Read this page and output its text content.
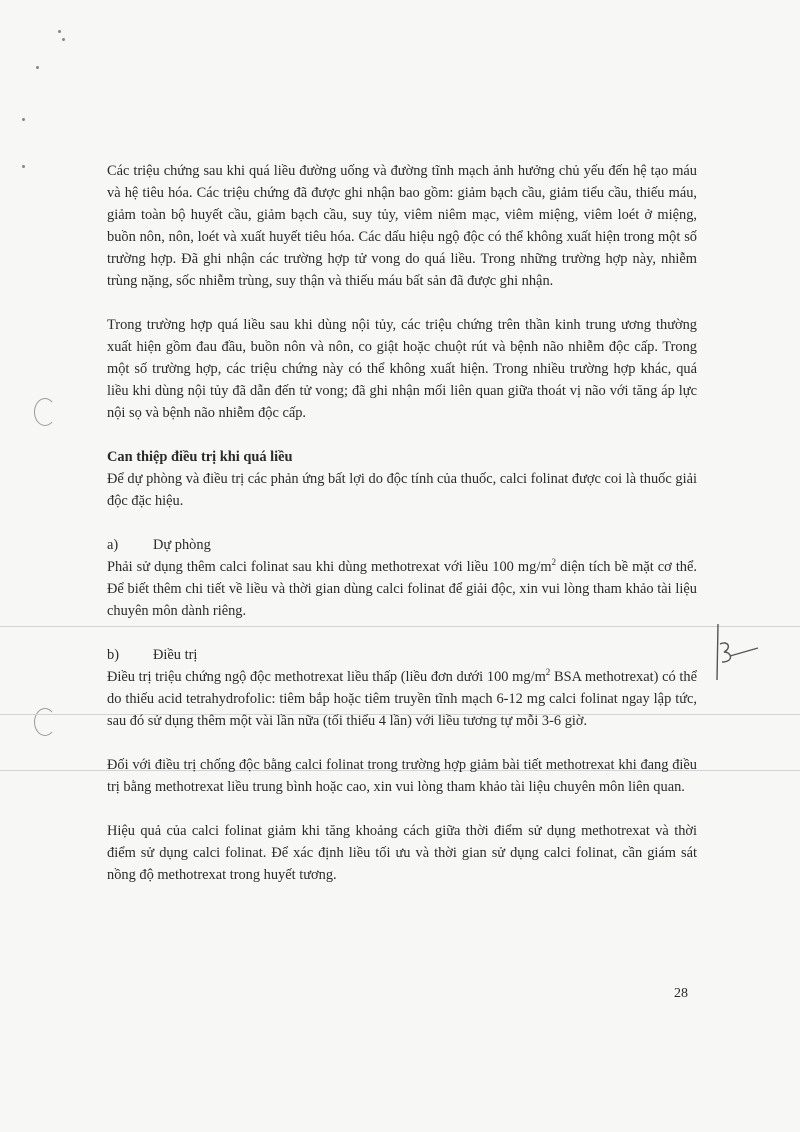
Các triệu chứng sau khi quá liều đường uống và đường tĩnh mạch ảnh hưởng chủ yếu đến hệ tạo máu và hệ tiêu hóa. Các triệu chứng đã được ghi nhận bao gồm: giảm bạch cầu, giảm tiểu cầu, thiếu máu, giảm toàn bộ huyết cầu, giảm bạch cầu, suy tủy, viêm niêm mạc, viêm miệng, viêm loét ở miệng, buồn nôn, nôn, loét và xuất huyết tiêu hóa. Các dấu hiệu ngộ độc có thể không xuất hiện trong một số trường hợp. Đã ghi nhận các trường hợp tử vong do quá liều. Trong những trường hợp này, nhiễm trùng nặng, sốc nhiễm trùng, suy thận và thiếu máu bất sản đã được ghi nhận.

Trong trường hợp quá liều sau khi dùng nội tủy, các triệu chứng trên thần kinh trung ương thường xuất hiện gồm đau đầu, buồn nôn và nôn, co giật hoặc chuột rút và bệnh não nhiễm độc cấp. Trong một số trường hợp, các triệu chứng này có thể không xuất hiện. Trong nhiều trường hợp khác, quá liều khi dùng nội tủy đã dẫn đến tử vong; đã ghi nhận mối liên quan giữa thoát vị não với tăng áp lực nội sọ và bệnh não nhiễm độc cấp.

Can thiệp điều trị khi quá liều

Để dự phòng và điều trị các phản ứng bất lợi do độc tính của thuốc, calci folinat được coi là thuốc giải độc đặc hiệu.

a) Dự phòng

Phải sử dụng thêm calci folinat sau khi dùng methotrexat với liều 100 $mg/m^2$ diện tích bề mặt cơ thể. Để biết thêm chi tiết về liều và thời gian dùng calci folinat để giải độc, xin vui lòng tham khảo tài liệu chuyên môn dành riêng.

b) Điều trị

Điều trị triệu chứng ngộ độc methotrexat liều thấp (liều đơn dưới 100 $mg/m^2$ BSA methotrexat) có thể do thiếu acid tetrahydrofolic: tiêm bắp hoặc tiêm truyền tĩnh mạch 6-12 mg calci folinat ngay lập tức, sau đó sử dụng thêm một vài lần nữa (tối thiểu 4 lần) với liều tương tự mỗi 3-6 giờ.

Đối với điều trị chống độc bằng calci folinat trong trường hợp giảm bài tiết methotrexat khi đang điều trị bằng methotrexat liều trung bình hoặc cao, xin vui lòng tham khảo tài liệu chuyên môn liên quan.

Hiệu quả của calci folinat giảm khi tăng khoảng cách giữa thời điểm sử dụng methotrexat và thời điểm sử dụng calci folinat. Để xác định liều tối ưu và thời gian sử dụng calci folinat, cần giám sát nồng độ methotrexat trong huyết tương.

28
